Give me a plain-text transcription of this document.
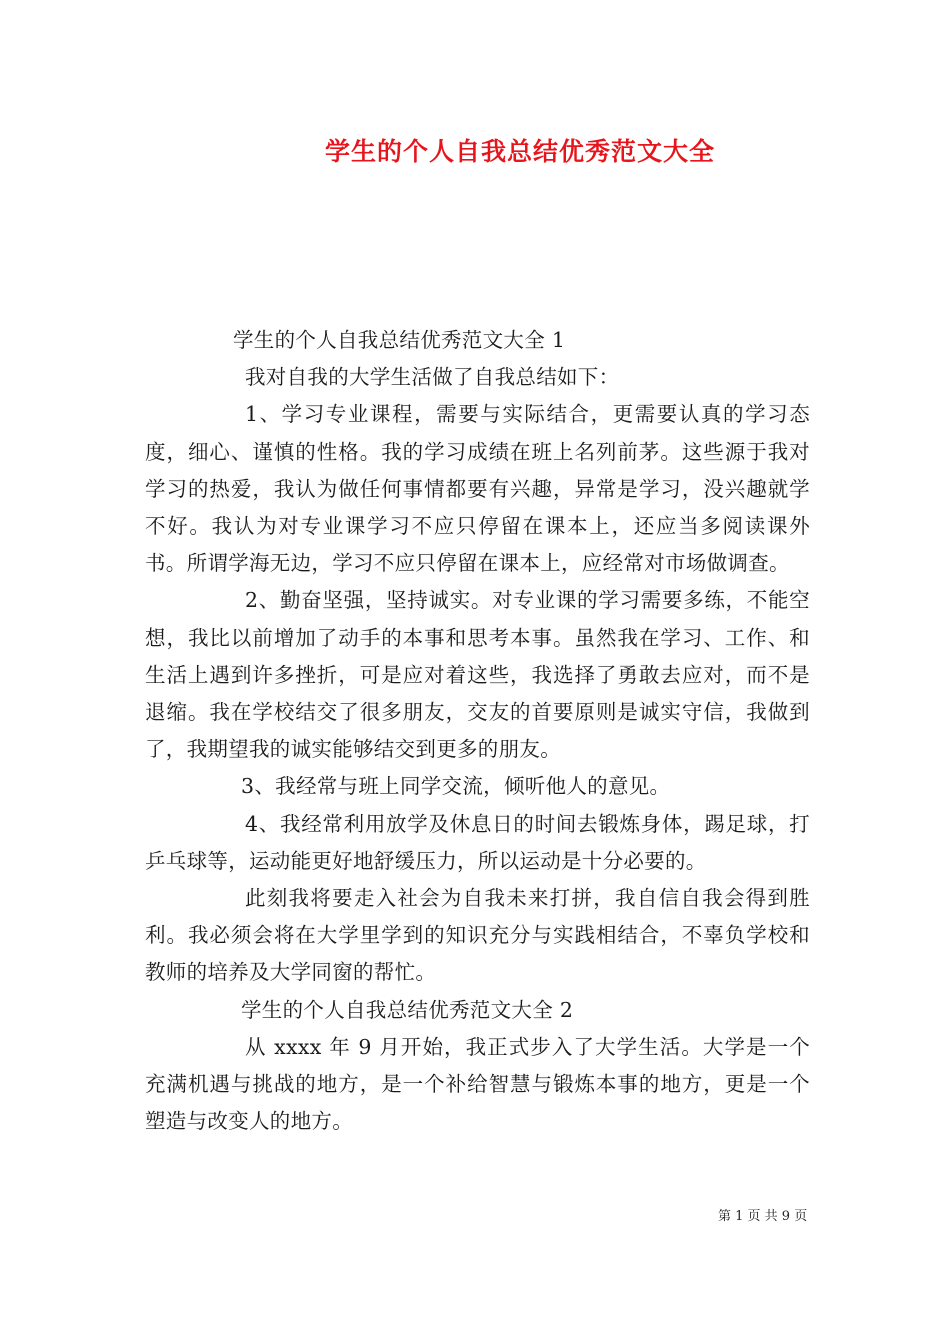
学生的个人自我总结优秀范文大全

学生的个人自我总结优秀范文大全 1

我对自我的大学生活做了自我总结如下：

1、学习专业课程，需要与实际结合，更需要认真的学习态度，细心、谨慎的性格。我的学习成绩在班上名列前茅。这些源于我对学习的热爱，我认为做任何事情都要有兴趣，异常是学习，没兴趣就学不好。我认为对专业课学习不应只停留在课本上，还应当多阅读课外书。所谓学海无边，学习不应只停留在课本上，应经常对市场做调查。

2、勤奋坚强，坚持诚实。对专业课的学习需要多练，不能空想，我比以前增加了动手的本事和思考本事。虽然我在学习、工作、和生活上遇到许多挫折，可是应对着这些，我选择了勇敢去应对，而不是退缩。我在学校结交了很多朋友，交友的首要原则是诚实守信，我做到了，我期望我的诚实能够结交到更多的朋友。

3、我经常与班上同学交流，倾听他人的意见。

4、我经常利用放学及休息日的时间去锻炼身体，踢足球，打乒乓球等，运动能更好地舒缓压力，所以运动是十分必要的。

此刻我将要走入社会为自我未来打拼，我自信自我会得到胜利。我必须会将在大学里学到的知识充分与实践相结合，不辜负学校和教师的培养及大学同窗的帮忙。

学生的个人自我总结优秀范文大全 2

从 xxxx 年 9 月开始，我正式步入了大学生活。大学是一个充满机遇与挑战的地方，是一个补给智慧与锻炼本事的地方，更是一个塑造与改变人的地方。

第 1 页 共 9 页
